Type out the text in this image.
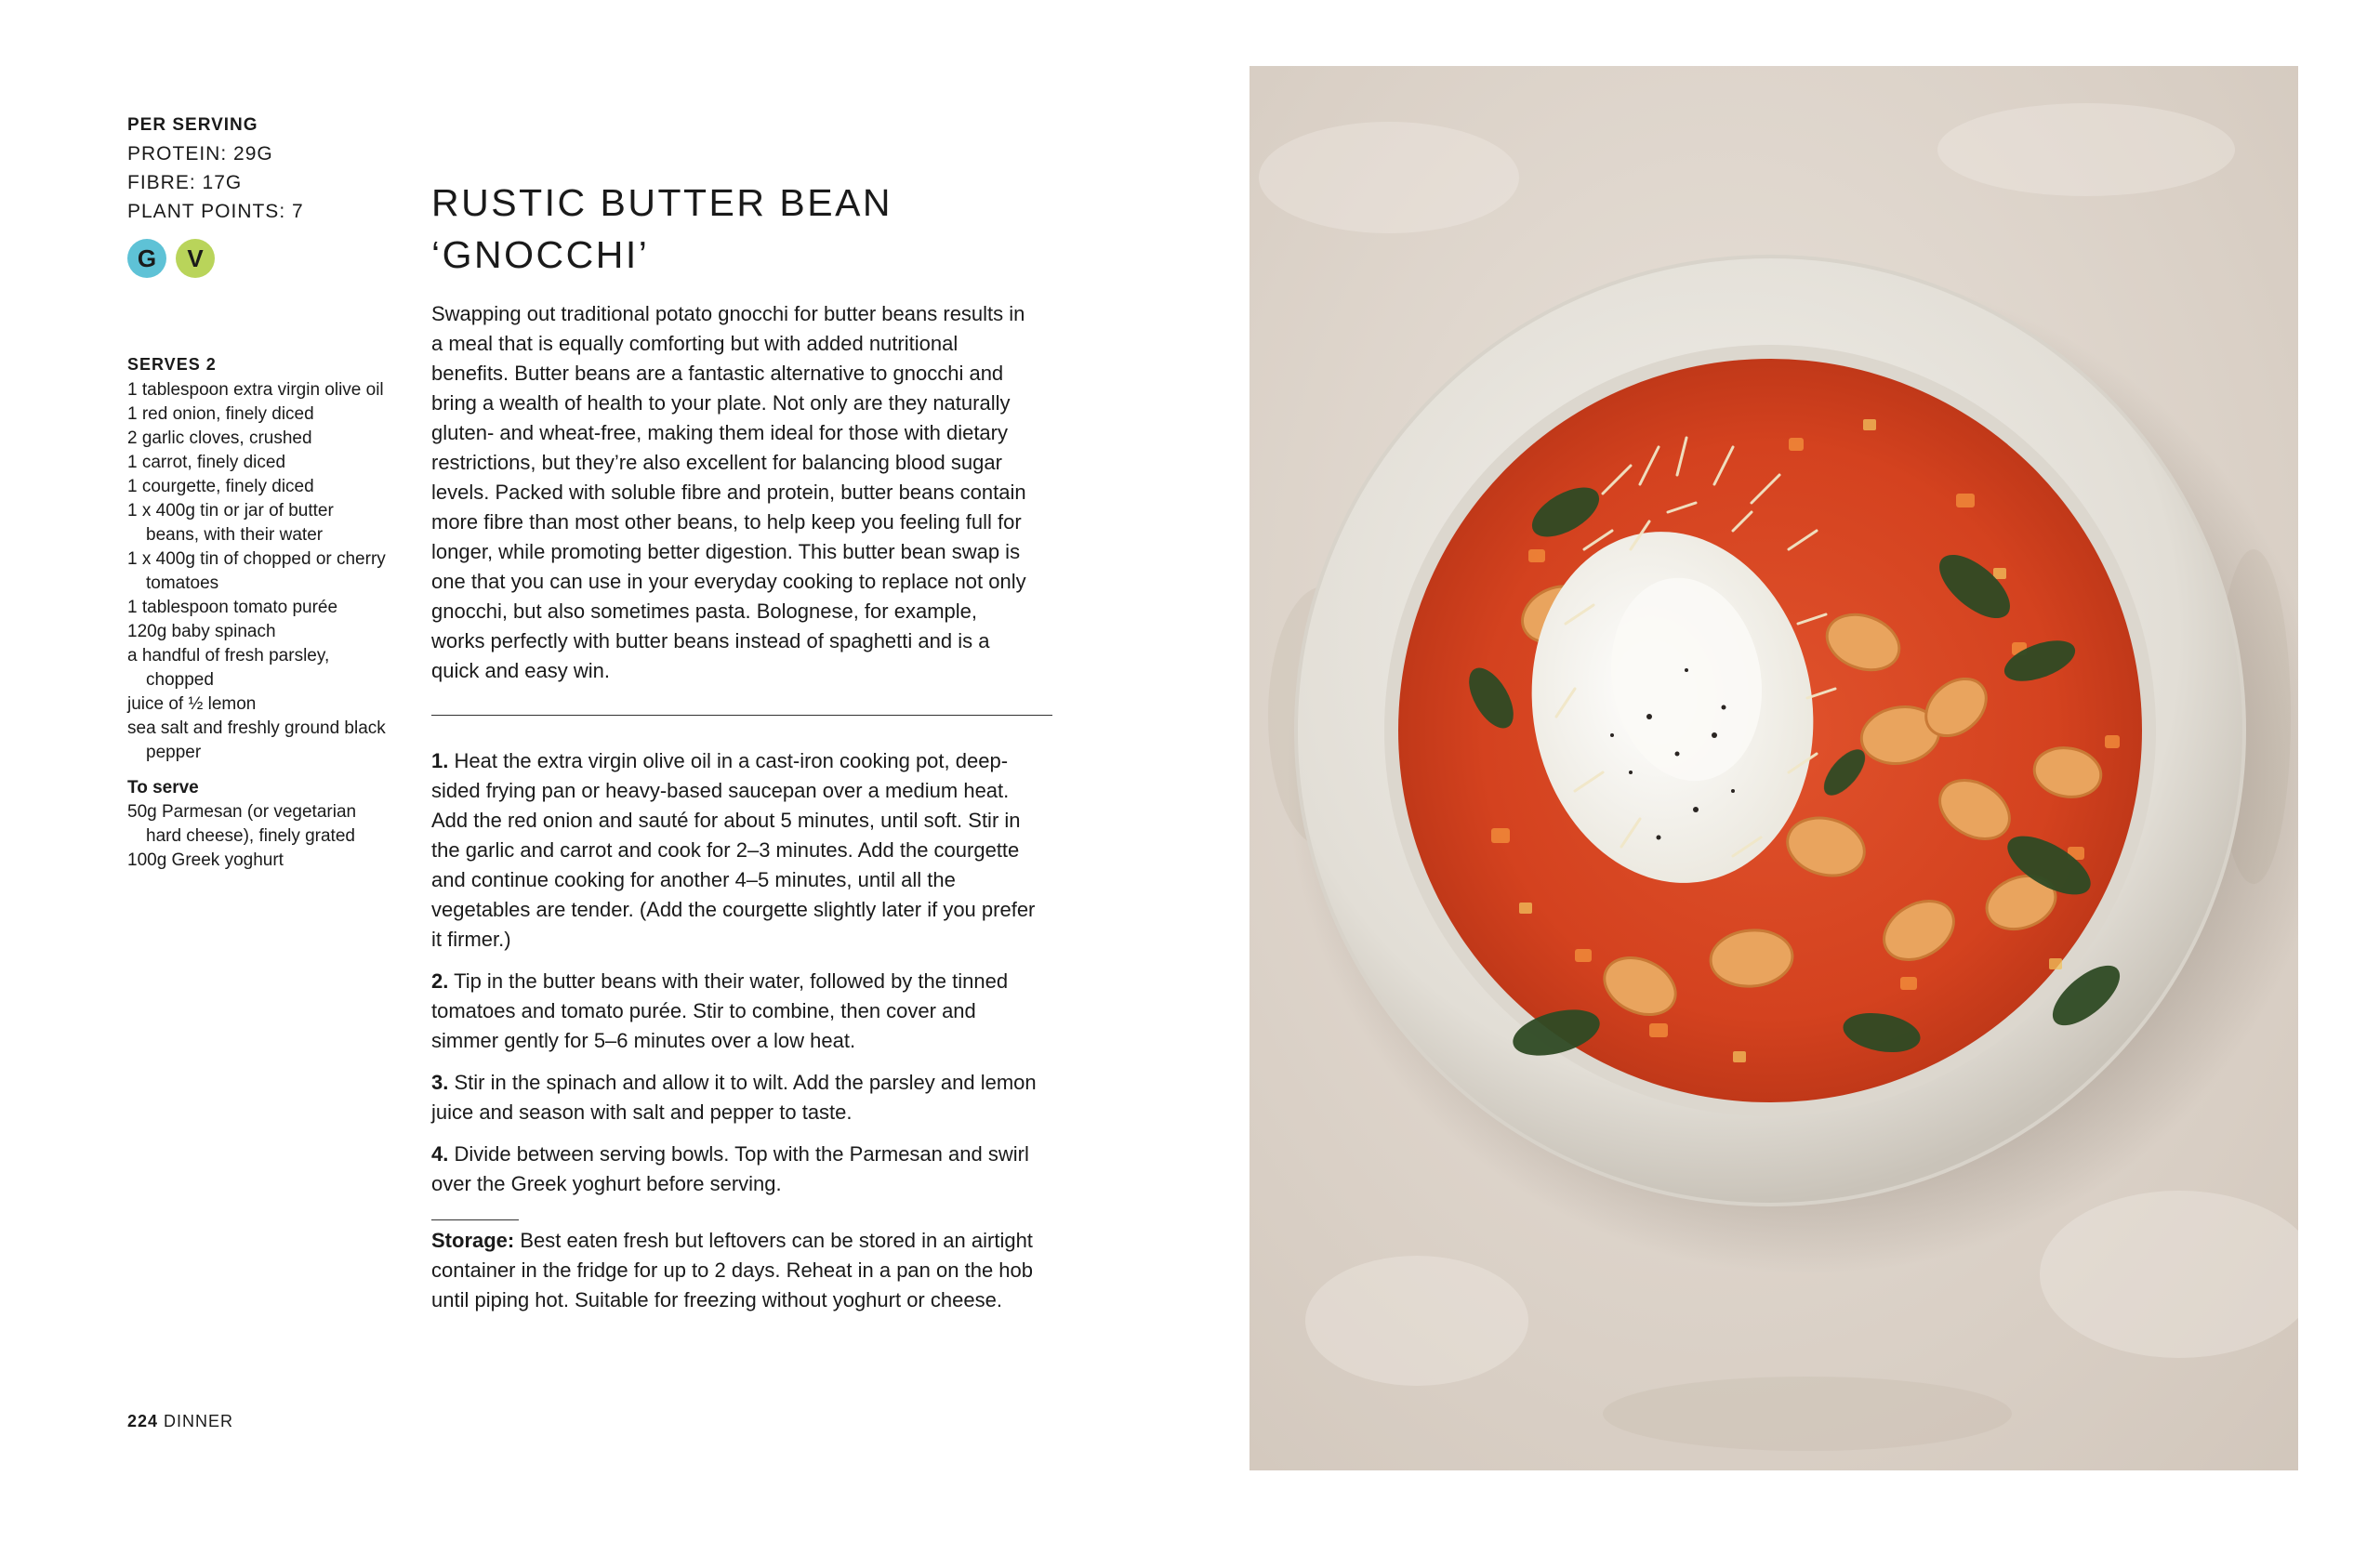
PER SERVING
PROTEIN: 29G
FIBRE: 17G
PLANT POINTS: 7
G	V
SERVES 2
1 tablespoon extra virgin olive oil
1 red onion, finely diced
2 garlic cloves, crushed
1 carrot, finely diced
1 courgette, finely diced
1 x 400g tin or jar of butter beans, with their water
1 x 400g tin of chopped or cherry tomatoes
1 tablespoon tomato purée
120g baby spinach
a handful of fresh parsley, chopped
juice of ½ lemon
sea salt and freshly ground black pepper
To serve
50g Parmesan (or vegetarian hard cheese), finely grated
100g Greek yoghurt
RUSTIC BUTTER BEAN ‘GNOCCHI’

Swapping out traditional potato gnocchi for butter beans results in a meal that is equally comforting but with added nutritional benefits. Butter beans are a fantastic alternative to gnocchi and bring a wealth of health to your plate. Not only are they naturally gluten- and wheat-free, making them ideal for those with dietary restrictions, but they’re also excellent for balancing blood sugar levels. Packed with soluble fibre and protein, butter beans contain more fibre than most other beans, to help keep you feeling full for longer, while promoting better digestion. This butter bean swap is one that you can use in your everyday cooking to replace not only gnocchi, but also sometimes pasta. Bolognese, for example, works perfectly with butter beans instead of spaghetti and is a quick and easy win.

1. Heat the extra virgin olive oil in a cast-iron cooking pot, deep-sided frying pan or heavy-based saucepan over a medium heat. Add the red onion and sauté for about 5 minutes, until soft. Stir in the garlic and carrot and cook for 2–3 minutes. Add the courgette and continue cooking for another 4–5 minutes, until all the vegetables are tender. (Add the courgette slightly later if you prefer it firmer.)

2. Tip in the butter beans with their water, followed by the tinned tomatoes and tomato purée. Stir to combine, then cover and simmer gently for 5–6 minutes over a low heat.

3. Stir in the spinach and allow it to wilt. Add the parsley and lemon juice and season with salt and pepper to taste.

4. Divide between serving bowls. Top with the Parmesan and swirl over the Greek yoghurt before serving.

Storage: Best eaten fresh but leftovers can be stored in an airtight container in the fridge for up to 2 days. Reheat in a pan on the hob until piping hot. Suitable for freezing without yoghurt or cheese.

224 DINNER
